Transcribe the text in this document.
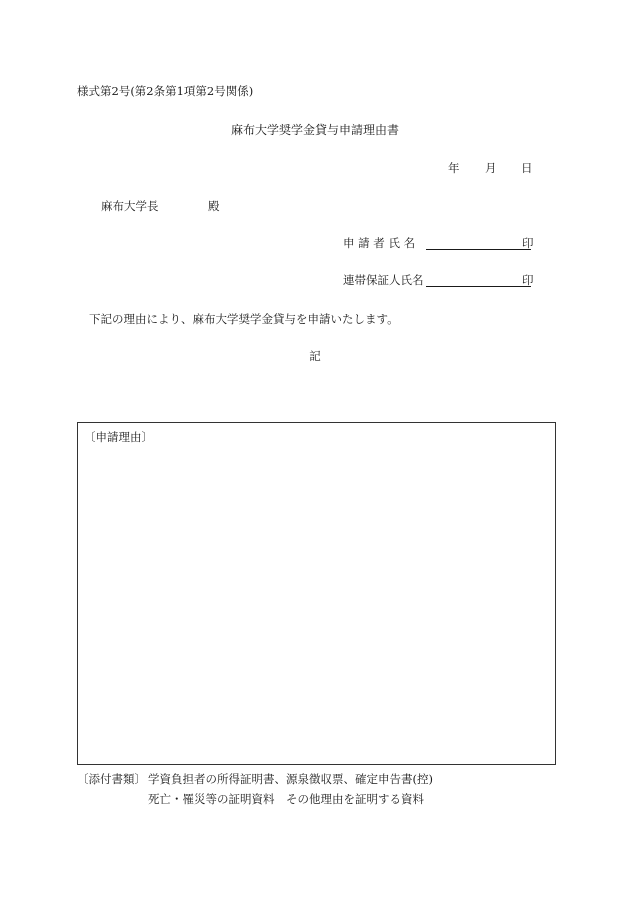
様式第2号(第2条第1項第2号関係)
麻布大学奨学金貸与申請理由書
年 月 日
麻布大学長	殿
申 請 者 氏 名	印
連帯保証人氏名	印
下記の理由により、麻布大学奨学金貸与を申請いたします。
記
〔申請理由〕
〔添付書類〕 学資負担者の所得証明書、源泉徴収票、確定申告書(控)
死亡・罹災等の証明資料　その他理由を証明する資料
